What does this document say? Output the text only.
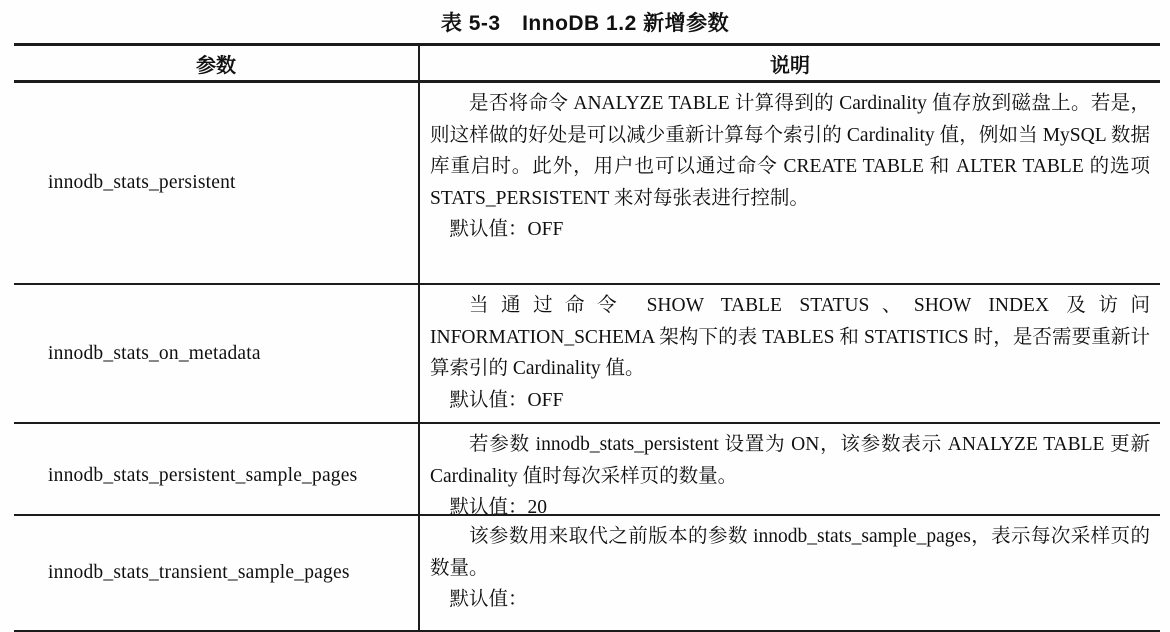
表 5-3　InnoDB 1.2 新增参数
参数	说明
innodb_stats_persistent

是否将命令 ANALYZE TABLE 计算得到的 Cardinality 值存放到磁盘上。若是，则这样做的好处是可以减少重新计算每个索引的 Cardinality 值，例如当 MySQL 数据库重启时。此外，用户也可以通过命令 CREATE TABLE 和 ALTER TABLE 的选项 STATS_PERSISTENT 来对每张表进行控制。

默认值：OFF

innodb_stats_on_metadata

当通过命令 SHOW TABLE STATUS、SHOW INDEX 及访问 INFORMATION_SCHEMA 架构下的表 TABLES 和 STATISTICS 时，是否需要重新计算索引的 Cardinality 值。

默认值：OFF

innodb_stats_persistent_sample_pages

若参数 innodb_stats_persistent 设置为 ON，该参数表示 ANALYZE TABLE 更新 Cardinality 值时每次采样页的数量。

默认值：20

innodb_stats_transient_sample_pages

该参数用来取代之前版本的参数 innodb_stats_sample_pages，表示每次采样页的数量。

默认值：
